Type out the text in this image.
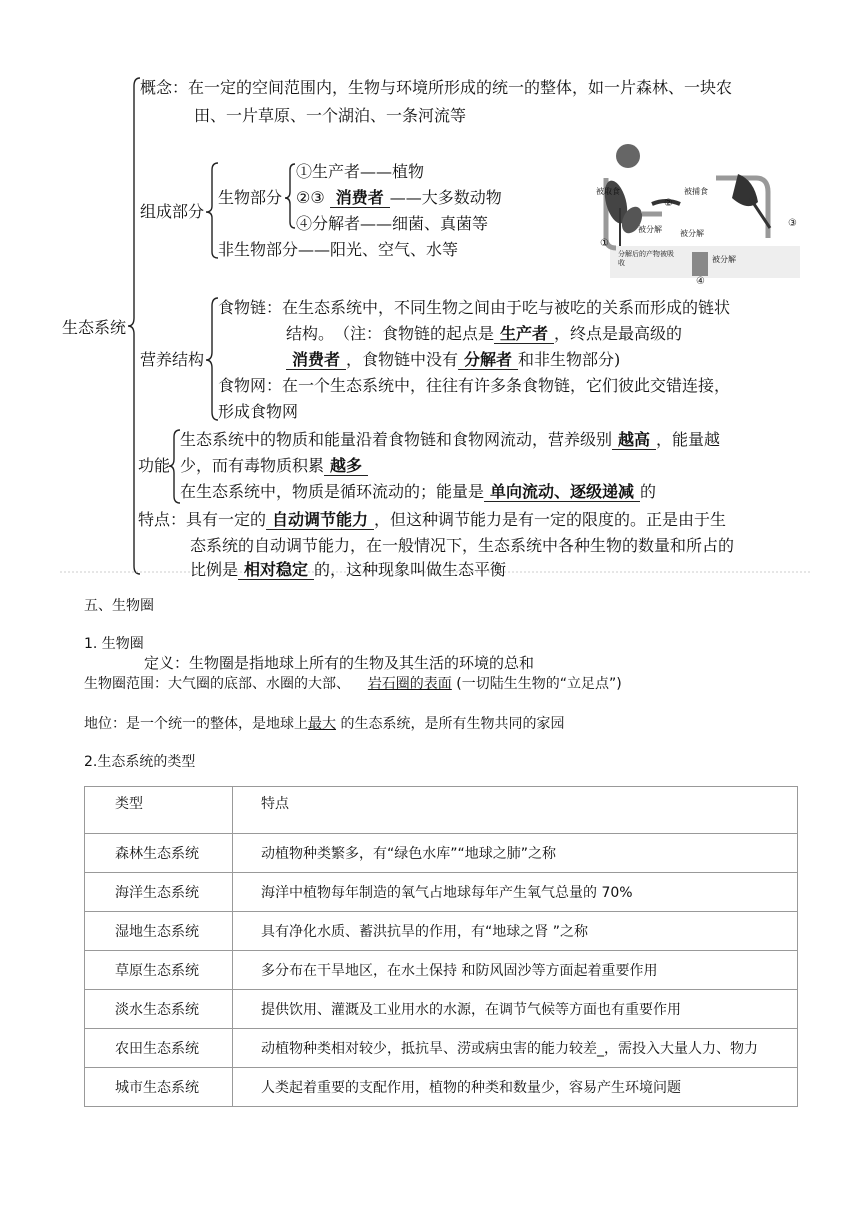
生态系统
概念：在一定的空间范围内，生物与环境所形成的统一的整体，如一片森林、一块农
田、一片草原、一个湖泊、一条河流等
组成部分
生物部分
①生产者——植物
②③ 消费者 ——大多数动物
④分解者——细菌、真菌等
非生物部分——阳光、空气、水等
被取食	被捕食
被分解 被分解
被分解
分解后的产物被吸收
①
②
③
④
营养结构
食物链：在生态系统中，不同生物之间由于吃与被吃的关系而形成的链状
结构。　（注：食物链的起点是 生产者 ，终点是最高级的
消费者 ，食物链中没有 分解者 和非生物部分)
食物网：在一个生态系统中，往往有许多条食物链，它们彼此交错连接，
形成食物网
功能
生态系统中的物质和能量沿着食物链和食物网流动，营养级别 越高 ，能量越
少，而有毒物质积累 越多
在生态系统中，物质是循环流动的；能量是 单向流动、逐级递减 的
特点：具有一定的 自动调节能力 ，但这种调节能力是有一定的限度的。正是由于生
态系统的自动调节能力，在一般情况下，生态系统中各种生物的数量和所占的
比例是 相对稳定 的，这种现象叫做生态平衡
五、生物圈
1. 生物圈
定义：生物圈是指地球上所有的生物及其生活的环境的总和
生物圈范围：大气圈的底部、水圈的大部、 岩石圈的表面 (一切陆生生物的“立足点”)
地位：是一个统一的整体，是地球上最大 的生态系统，是所有生物共同的家园
2.生态系统的类型
类型	特点
森林生态系统	动植物种类繁多，有“绿色水库”“地球之肺”之称
海洋生态系统	海洋中植物每年制造的氧气占地球每年产生氧气总量的 70%
湿地生态系统	具有净化水质、蓄洪抗旱的作用，有“地球之肾 ”之称
草原生态系统	多分布在干旱地区，在水土保持 和防风固沙等方面起着重要作用
淡水生态系统	提供饮用、灌溉及工业用水的水源，在调节气候等方面也有重要作用
农田生态系统	动植物种类相对较少，抵抗旱、涝或病虫害的能力较差_，需投入大量人力、物力
城市生态系统	人类起着重要的支配作用，植物的种类和数量少，容易产生环境问题
